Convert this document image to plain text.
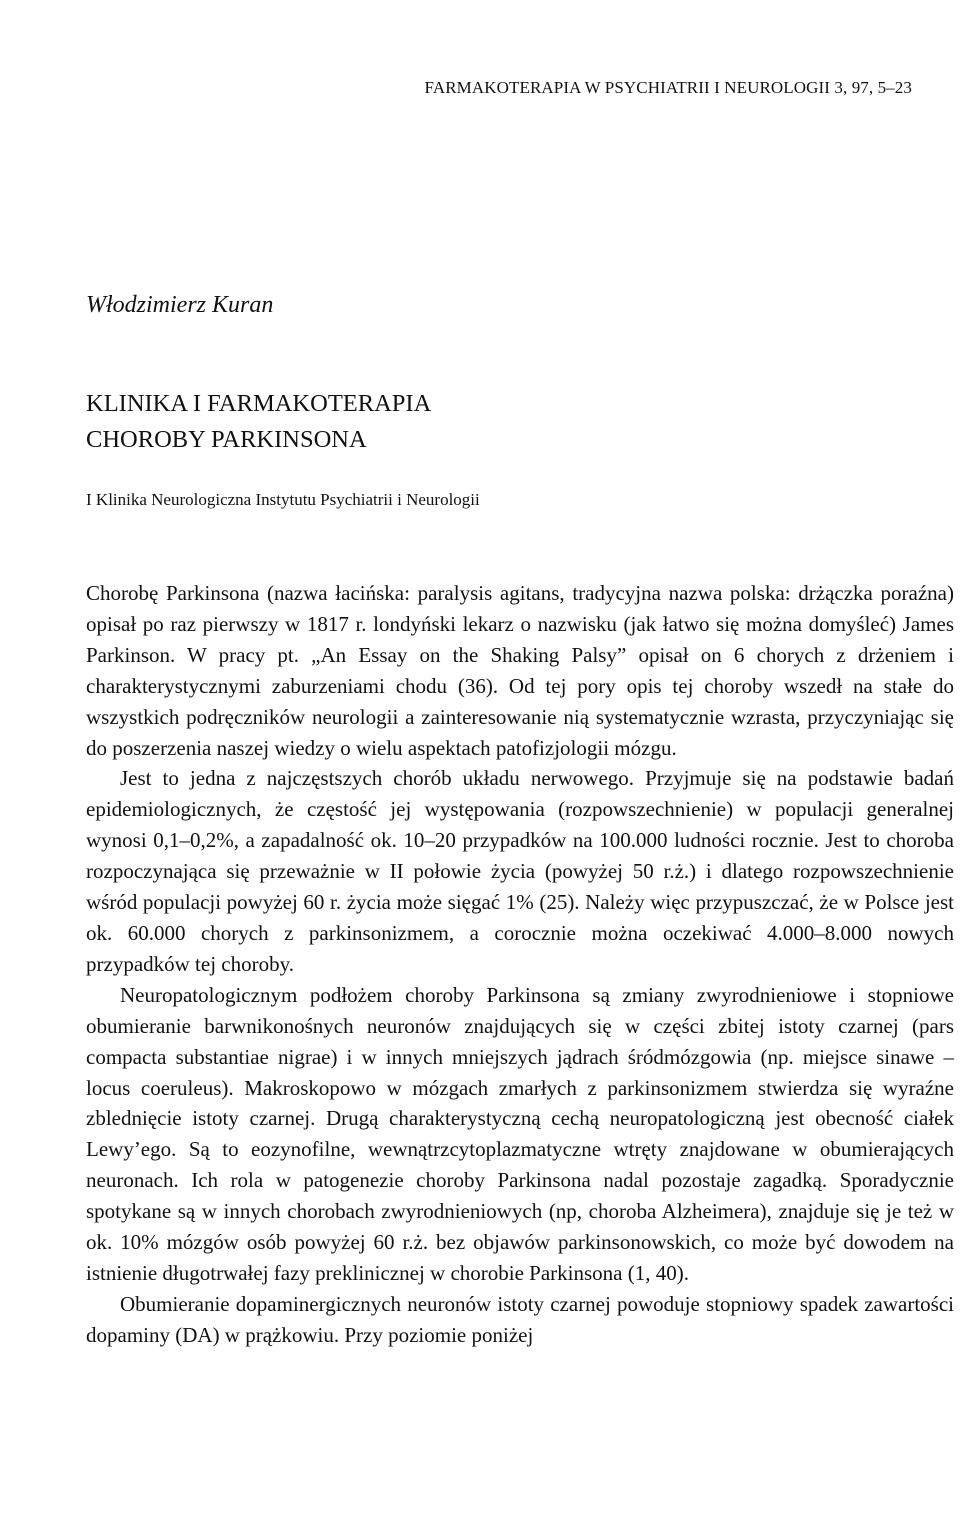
FARMAKOTERAPIA W PSYCHIATRII I NEUROLOGII 3, 97, 5–23
Włodzimierz Kuran
KLINIKA I FARMAKOTERAPIA
CHOROBY PARKINSONA
I Klinika Neurologiczna Instytutu Psychiatrii i Neurologii

Chorobę Parkinsona (nazwa łacińska: paralysis agitans, tradycyjna nazwa polska: drżączka poraźna) opisał po raz pierwszy w 1817 r. londyński lekarz o nazwisku (jak łatwo się można domyśleć) James Parkinson. W pracy pt. „An Essay on the Shaking Palsy” opisał on 6 chorych z drżeniem i charakterystycznymi zaburzeniami chodu (36). Od tej pory opis tej choroby wszedł na stałe do wszystkich podręczników neurologii a zainteresowanie nią systematycznie wzrasta, przyczyniając się do poszerzenia naszej wiedzy o wielu aspektach patofizjologii mózgu.

Jest to jedna z najczęstszych chorób układu nerwowego. Przyjmuje się na podstawie badań epidemiologicznych, że częstość jej występowania (rozpowszechnienie) w populacji generalnej wynosi 0,1–0,2%, a zapadalność ok. 10–20 przypadków na 100.000 ludności rocznie. Jest to choroba rozpoczynająca się przeważnie w II połowie życia (powyżej 50 r.ż.) i dlatego rozpowszechnienie wśród populacji powyżej 60 r. życia może sięgać 1% (25). Należy więc przypuszczać, że w Polsce jest ok. 60.000 chorych z parkinsonizmem, a corocznie można oczekiwać 4.000–8.000 nowych przypadków tej choroby.

Neuropatologicznym podłożem choroby Parkinsona są zmiany zwyrodnieniowe i stopniowe obumieranie barwnikonośnych neuronów znajdujących się w części zbitej istoty czarnej (pars compacta substantiae nigrae) i w innych mniejszych jądrach śródmózgowia (np. miejsce sinawe – locus coeruleus). Makroskopowo w mózgach zmarłych z parkinsonizmem stwierdza się wyraźne zblednięcie istoty czarnej. Drugą charakterystyczną cechą neuropatologiczną jest obecność ciałek Lewy’ego. Są to eozynofilne, wewnątrzcytoplazmatyczne wtręty znajdowane w obumierających neuronach. Ich rola w patogenezie choroby Parkinsona nadal pozostaje zagadką. Sporadycznie spotykane są w innych chorobach zwyrodnieniowych (np, choroba Alzheimera), znajduje się je też w ok. 10% mózgów osób powyżej 60 r.ż. bez objawów parkinsonowskich, co może być dowodem na istnienie długotrwałej fazy preklinicznej w chorobie Parkinsona (1, 40).

Obumieranie dopaminergicznych neuronów istoty czarnej powoduje stopniowy spadek zawartości dopaminy (DA) w prążkowiu. Przy poziomie poniżej
